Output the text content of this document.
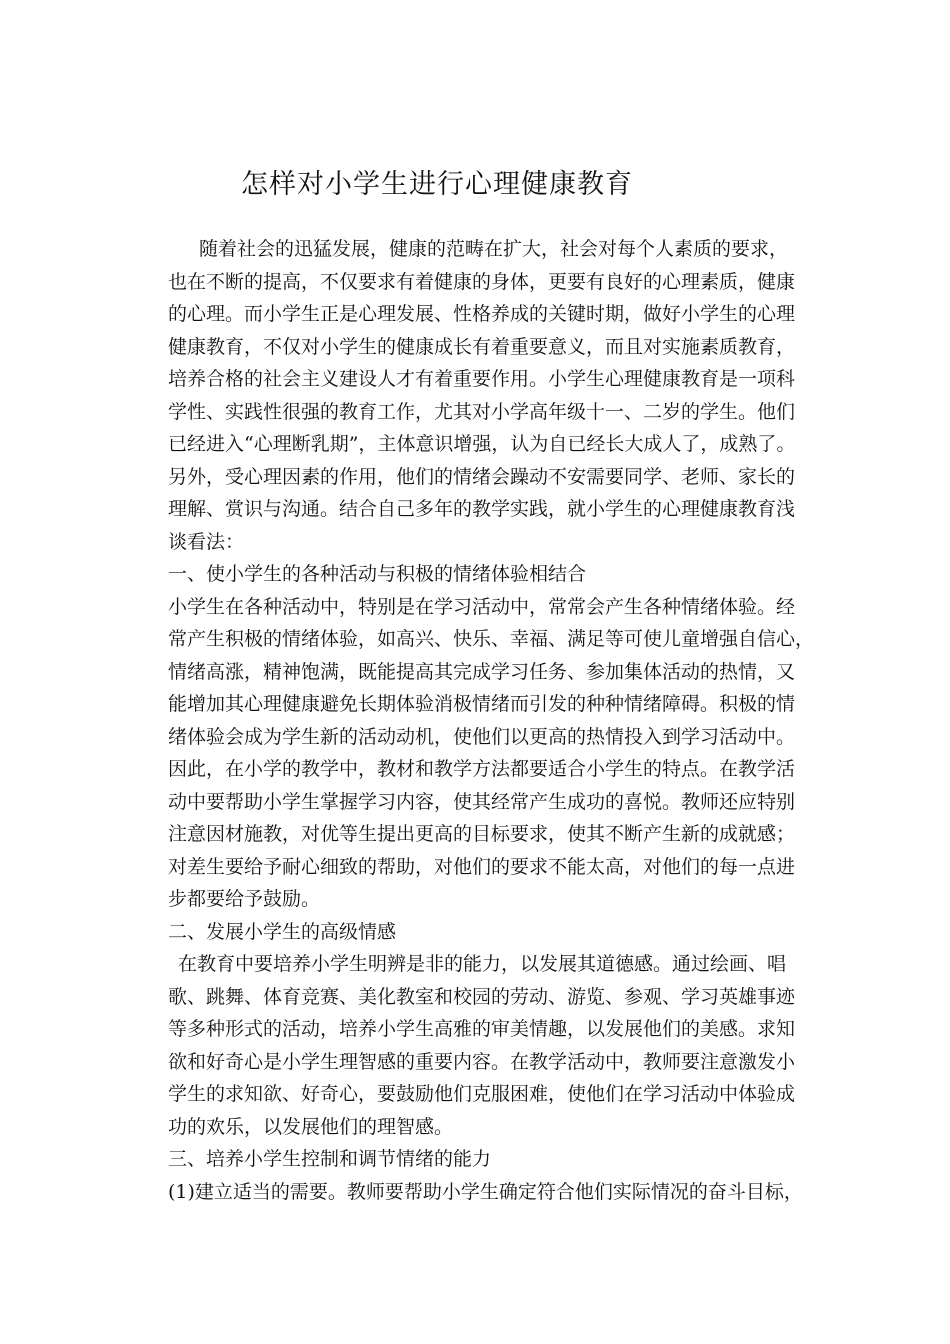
怎样对小学生进行心理健康教育
随着社会的迅猛发展，健康的范畴在扩大，社会对每个人素质的要求，
也在不断的提高，不仅要求有着健康的身体，更要有良好的心理素质，健康
的心理。而小学生正是心理发展、性格养成的关键时期，做好小学生的心理
健康教育，不仅对小学生的健康成长有着重要意义，而且对实施素质教育，
培养合格的社会主义建设人才有着重要作用。小学生心理健康教育是一项科
学性、实践性很强的教育工作，尤其对小学高年级十一、二岁的学生。他们
已经进入“心理断乳期”，主体意识增强，认为自已经长大成人了，成熟了。
另外，受心理因素的作用，他们的情绪会躁动不安需要同学、老师、家长的
理解、赏识与沟通。结合自己多年的教学实践，就小学生的心理健康教育浅
谈看法：
一、使小学生的各种活动与积极的情绪体验相结合
小学生在各种活动中，特别是在学习活动中，常常会产生各种情绪体验。经
常产生积极的情绪体验，如高兴、快乐、幸福、满足等可使儿童增强自信心，
情绪高涨，精神饱满，既能提高其完成学习任务、参加集体活动的热情，又
能增加其心理健康避免长期体验消极情绪而引发的种种情绪障碍。积极的情
绪体验会成为学生新的活动动机，使他们以更高的热情投入到学习活动中。
因此，在小学的教学中，教材和教学方法都要适合小学生的特点。在教学活
动中要帮助小学生掌握学习内容，使其经常产生成功的喜悦。教师还应特别
注意因材施教，对优等生提出更高的目标要求，使其不断产生新的成就感；
对差生要给予耐心细致的帮助，对他们的要求不能太高，对他们的每一点进
步都要给予鼓励。
二、发展小学生的高级情感
在教育中要培养小学生明辨是非的能力，以发展其道德感。通过绘画、唱
歌、跳舞、体育竞赛、美化教室和校园的劳动、游览、参观、学习英雄事迹
等多种形式的活动，培养小学生高雅的审美情趣，以发展他们的美感。求知
欲和好奇心是小学生理智感的重要内容。在教学活动中，教师要注意激发小
学生的求知欲、好奇心，要鼓励他们克服困难，使他们在学习活动中体验成
功的欢乐，以发展他们的理智感。
三、培养小学生控制和调节情绪的能力
(1)建立适当的需要。教师要帮助小学生确定符合他们实际情况的奋斗目标，
